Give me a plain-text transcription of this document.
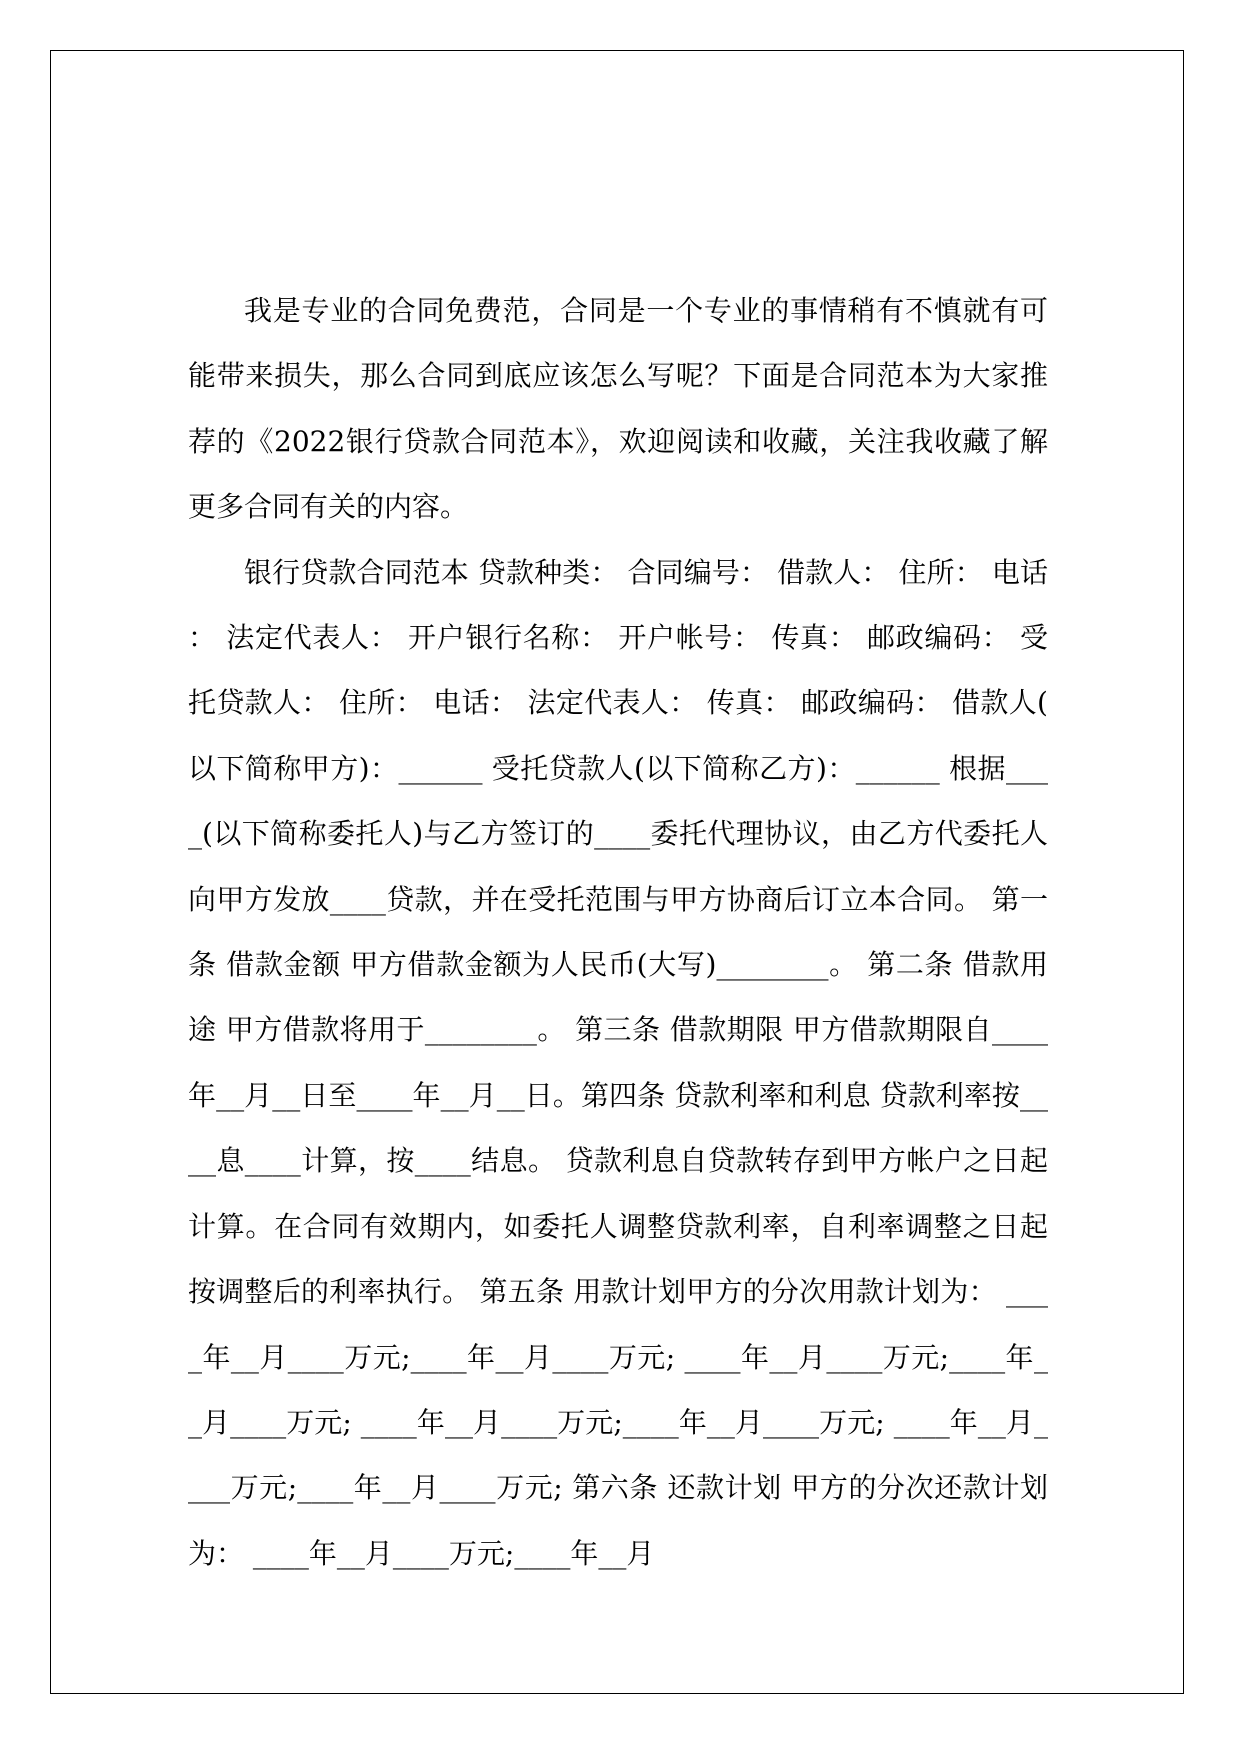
我是专业的合同免费范，合同是一个专业的事情稍有不慎就有可能带来损失，那么合同到底应该怎么写呢？下面是合同范本为大家推荐的《2022银行贷款合同范本》，欢迎阅读和收藏，关注我收藏了解更多合同有关的内容。

银行贷款合同范本 贷款种类： 合同编号： 借款人： 住所： 电话： 法定代表人： 开户银行名称： 开户帐号： 传真： 邮政编码： 受托贷款人： 住所： 电话： 法定代表人： 传真： 邮政编码： 借款人(以下简称甲方)：______ 受托贷款人(以下简称乙方)：______ 根据____(以下简称委托人)与乙方签订的____委托代理协议，由乙方代委托人向甲方发放____贷款，并在受托范围与甲方协商后订立本合同。 第一条 借款金额 甲方借款金额为人民币(大写)________。 第二条 借款用途 甲方借款将用于________。 第三条 借款期限 甲方借款期限自____年__月__日至____年__月__日。第四条 贷款利率和利息 贷款利率按____息____计算，按____结息。 贷款利息自贷款转存到甲方帐户之日起计算。在合同有效期内，如委托人调整贷款利率，自利率调整之日起按调整后的利率执行。 第五条 用款计划甲方的分次用款计划为： ____年__月____万元;____年__月____万元; ____年__月____万元;____年__月____万元; ____年__月____万元;____年__月____万元; ____年__月____万元;____年__月____万元; 第六条 还款计划 甲方的分次还款计划为： ____年__月____万元;____年__月
